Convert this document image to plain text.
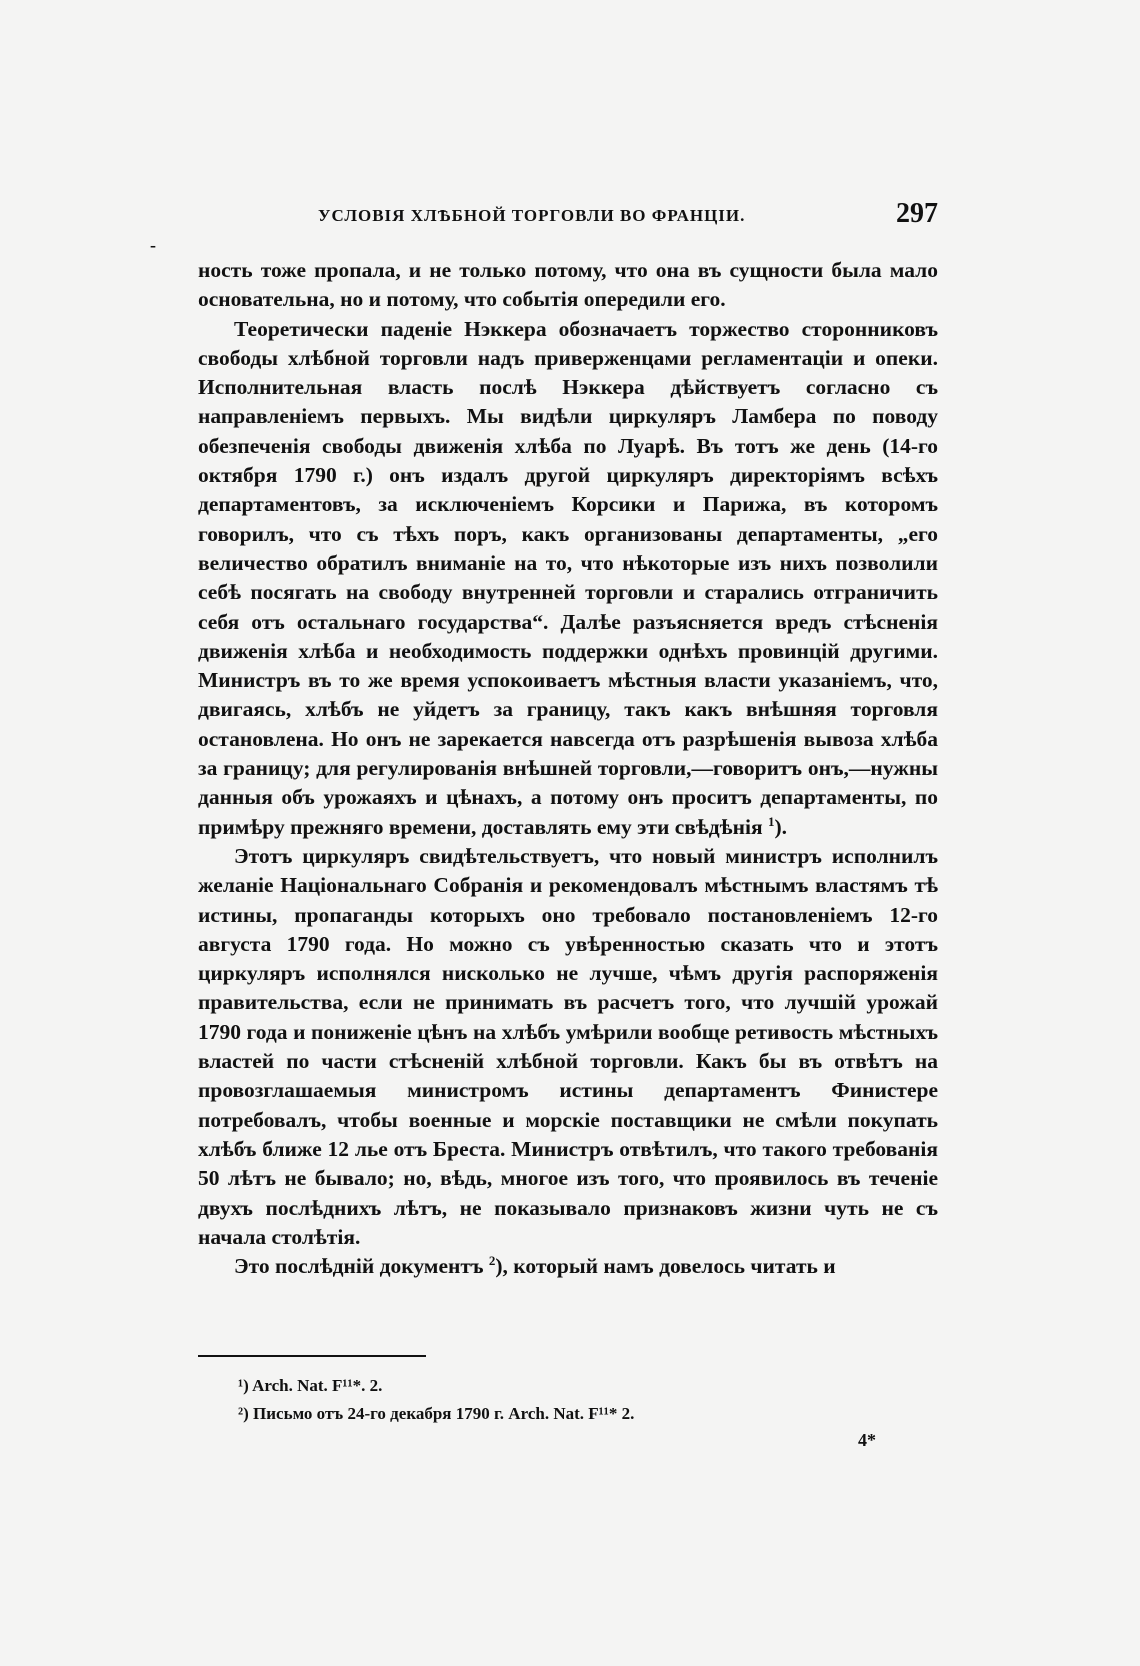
УСЛОВІЯ ХЛѢБНОЙ ТОРГОВЛИ ВО ФРАНЦІИ.	297
-

ность тоже пропала, и не только потому, что она въ сущности была мало основательна, но и потому, что событія опередили его.

Теоретически паденіе Нэккера обозначаетъ торжество сторонниковъ свободы хлѣбной торговли надъ приверженцами регламентаціи и опеки. Исполнительная власть послѣ Нэккера дѣйствуетъ согласно съ направленіемъ первыхъ. Мы видѣли циркуляръ Ламбера по поводу обезпеченія свободы движенія хлѣба по Луарѣ. Въ тотъ же день (14-го октября 1790 г.) онъ издалъ другой циркуляръ директоріямъ всѣхъ департаментовъ, за исключеніемъ Корсики и Парижа, въ которомъ говорилъ, что съ тѣхъ поръ, какъ организованы департаменты, „его величество обратилъ вниманіе на то, что нѣкоторые изъ нихъ позволили себѣ посягать на свободу внутренней торговли и старались отграничить себя отъ остальнаго государства“. Далѣе разъясняется вредъ стѣсненія движенія хлѣба и необходимость поддержки однѣхъ провинцій другими. Министръ въ то же время успокоиваетъ мѣстныя власти указаніемъ, что, двигаясь, хлѣбъ не уйдетъ за границу, такъ какъ внѣшняя торговля остановлена. Но онъ не зарекается навсегда отъ разрѣшенія вывоза хлѣба за границу; для регулированія внѣшней торговли,—говоритъ онъ,—нужны данныя объ урожаяхъ и цѣнахъ, а потому онъ проситъ департаменты, по примѣру прежняго времени, доставлять ему эти свѣдѣнія $^1$).

Этотъ циркуляръ свидѣтельствуетъ, что новый министръ исполнилъ желаніе Національнаго Собранія и рекомендовалъ мѣстнымъ властямъ тѣ истины, пропаганды которыхъ оно требовало постановленіемъ 12-го августа 1790 года. Но можно съ увѣренностью сказать что и этотъ циркуляръ исполнялся нисколько не лучше, чѣмъ другія распоряженія правительства, если не принимать въ расчетъ того, что лучшій урожай 1790 года и пониженіе цѣнъ на хлѣбъ умѣрили вообще ретивость мѣстныхъ властей по части стѣсненій хлѣбной торговли. Какъ бы въ отвѣтъ на провозглашаемыя министромъ истины департаментъ Финистере потребовалъ, чтобы военные и морскіе поставщики не смѣли покупать хлѣбъ ближе 12 лье отъ Бреста. Министръ отвѣтилъ, что такого требованія 50 лѣтъ не бывало; но, вѣдь, многое изъ того, что проявилось въ теченіе двухъ послѣднихъ лѣтъ, не показывало признаковъ жизни чуть не съ начала столѣтія.

Это послѣдній документъ $^2$), который намъ довелось читать и

¹) Arch. Nat. F¹¹*. 2.
²) Письмо отъ 24-го декабря 1790 г. Arch. Nat. F¹¹* 2.
4*
